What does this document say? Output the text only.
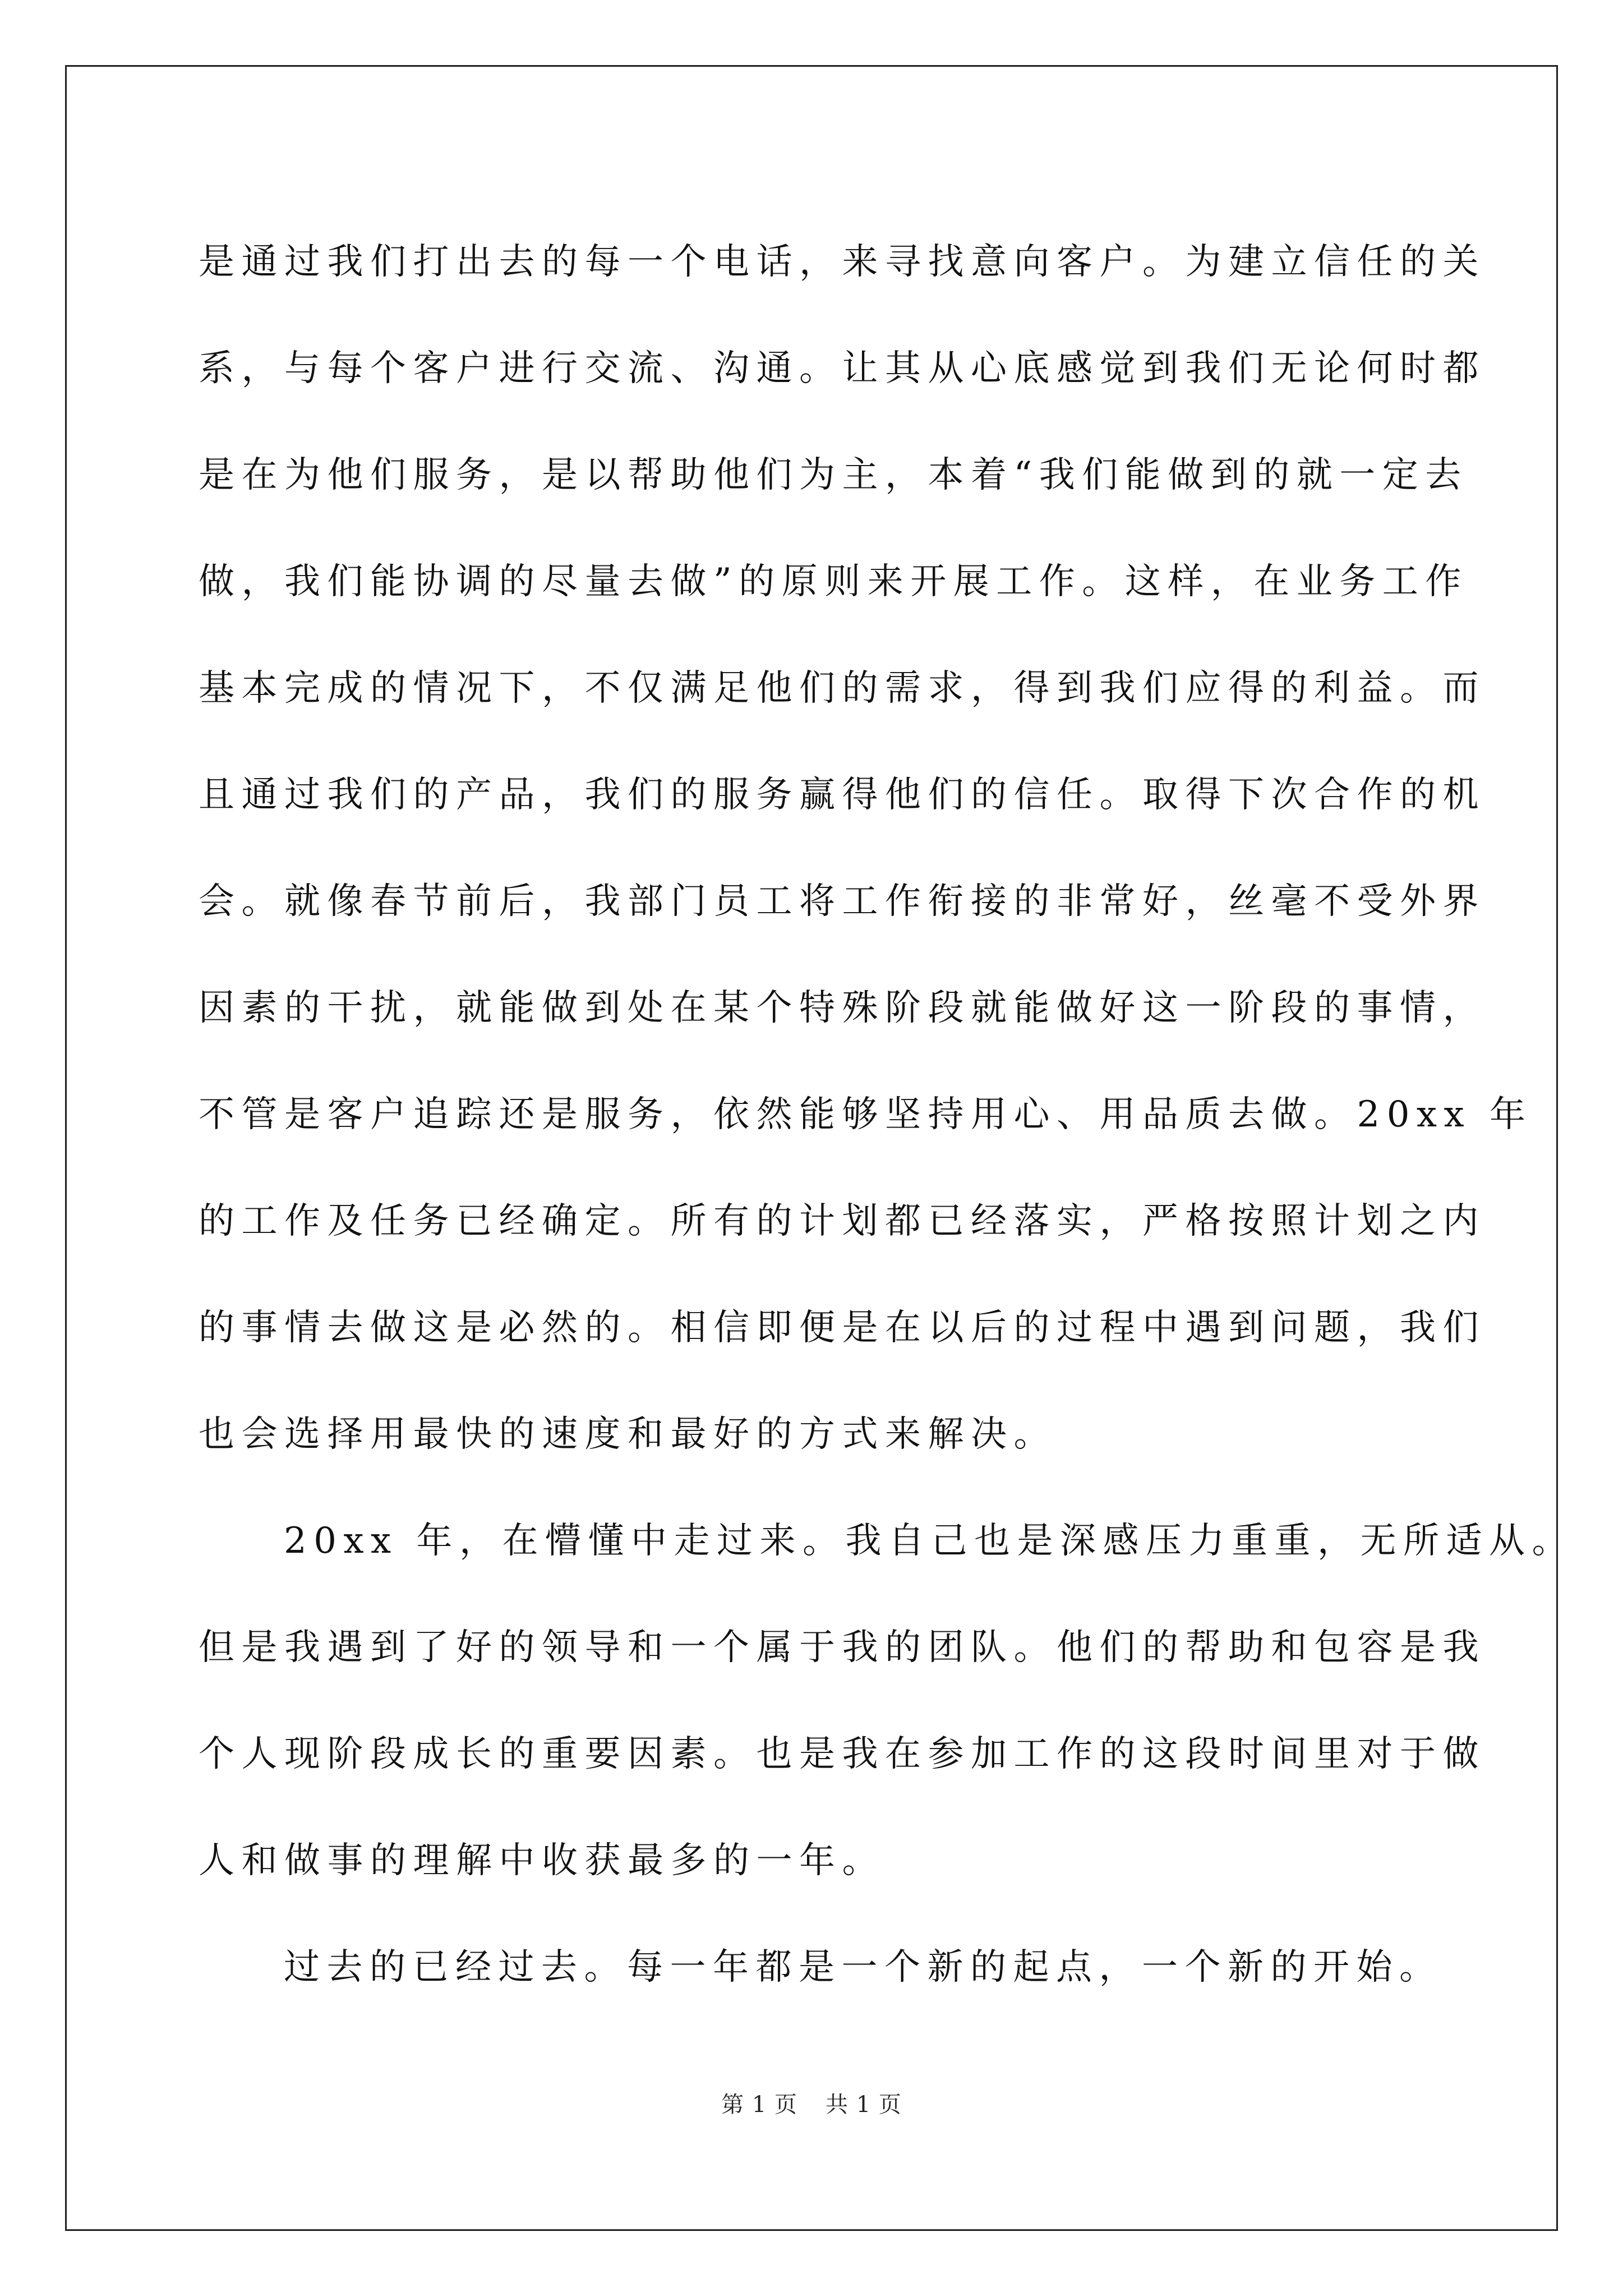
是通过我们打出去的每一个电话，来寻找意向客户。为建立信任的关
系，与每个客户进行交流、沟通。让其从心底感觉到我们无论何时都
是在为他们服务，是以帮助他们为主，本着“我们能做到的就一定去
做，我们能协调的尽量去做”的原则来开展工作。这样，在业务工作
基本完成的情况下，不仅满足他们的需求，得到我们应得的利益。而
且通过我们的产品，我们的服务赢得他们的信任。取得下次合作的机
会。就像春节前后，我部门员工将工作衔接的非常好，丝毫不受外界
因素的干扰，就能做到处在某个特殊阶段就能做好这一阶段的事情，
不管是客户追踪还是服务，依然能够坚持用心、用品质去做。20xx 年
的工作及任务已经确定。所有的计划都已经落实，严格按照计划之内
的事情去做这是必然的。相信即便是在以后的过程中遇到问题，我们
也会选择用最快的速度和最好的方式来解决。
20xx 年，在懵懂中走过来。我自己也是深感压力重重，无所适从。
但是我遇到了好的领导和一个属于我的团队。他们的帮助和包容是我
个人现阶段成长的重要因素。也是我在参加工作的这段时间里对于做
人和做事的理解中收获最多的一年。
过去的已经过去。每一年都是一个新的起点，一个新的开始。
第 1 页 共 1 页
